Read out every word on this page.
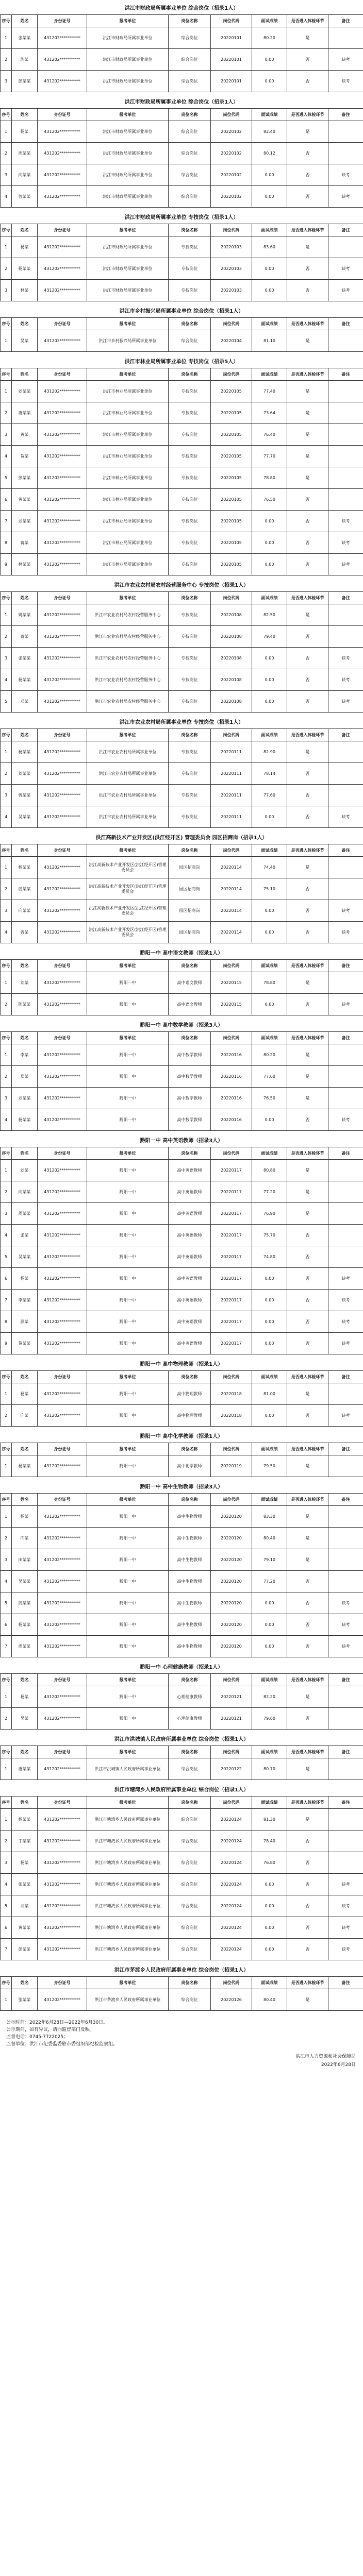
洪江市财政局所属事业单位 综合岗位（招录1人）
序号	姓名	身份证号	报考单位	岗位名称	岗位代码	面试成绩	是否进入体检环节	备注
1	张某某	431202**********	洪江市财政局所属事业单位	综合岗位	20220101	80.20	是	
2	陈某	431202**********	洪江市财政局所属事业单位	综合岗位	20220101	0.00	否	缺考
3	彭某某	431202**********	洪江市财政局所属事业单位	综合岗位	20220101	0.00	否	缺考
洪江市财政局所属事业单位 综合岗位（招录1人）
序号	姓名	身份证号	报考单位	岗位名称	岗位代码	面试成绩	是否进入体检环节	备注
1	杨某	431202**********	洪江市财政局所属事业单位	综合岗位	20220102	82.40	是	
2	周某某	431202**********	洪江市财政局所属事业单位	综合岗位	20220102	80.12	否	
3	向某某	431202**********	洪江市财政局所属事业单位	综合岗位	20220102	0.00	否	缺考
4	曾某某	431202**********	洪江市财政局所属事业单位	综合岗位	20220102	0.00	否	缺考
洪江市财政局所属事业单位 专技岗位（招录1人）
序号	姓名	身份证号	报考单位	岗位名称	岗位代码	面试成绩	是否进入体检环节	备注
1	杨某	431202**********	洪江市财政局所属事业单位	专技岗位	20220103	83.60	是	
2	杨某某	431202**********	洪江市财政局所属事业单位	专技岗位	20220103	0.00	否	缺考
3	林某	431202**********	洪江市财政局所属事业单位	专技岗位	20220103	0.00	否	缺考
洪江市乡村振兴局所属事业单位 综合岗位（招录1人）
序号	姓名	身份证号	报考单位	岗位名称	岗位代码	面试成绩	是否进入体检环节	备注
1	吴某	431202**********	洪江市乡村振兴局所属事业单位	综合岗位	20220104	81.10	是	
洪江市林业局所属事业单位 专技岗位（招录5人）
序号	姓名	身份证号	报考单位	岗位名称	岗位代码	面试成绩	是否进入体检环节	备注
1	刘某某	431202**********	洪江市林业局所属事业单位	专技岗位	20220105	77.40	是	
2	唐某某	431202**********	洪江市林业局所属事业单位	专技岗位	20220105	73.64	是	
3	黄某	431202**********	洪江市林业局所属事业单位	专技岗位	20220105	76.40	是	
4	贺某	431202**********	洪江市林业局所属事业单位	专技岗位	20220105	77.70	是	
5	彭某某	431202**********	洪江市林业局所属事业单位	专技岗位	20220105	78.80	是	
6	黄某某	431202**********	洪江市林业局所属事业单位	专技岗位	20220105	76.50	否	
7	刘某某	431202**********	洪江市林业局所属事业单位	专技岗位	20220105	0.00	否	缺考
8	蒋某	431202**********	洪江市林业局所属事业单位	专技岗位	20220105	0.00	否	缺考
9	林某某	431202**********	洪江市林业局所属事业单位	专技岗位	20220105	0.00	否	缺考
洪江市农业农村局农村经营服务中心 专技岗位（招录1人）
序号	姓名	身份证号	报考单位	岗位名称	岗位代码	面试成绩	是否进入体检环节	备注
1	姚某某	431202**********	洪江市农业农村局农村经营服务中心	专技岗位	20220108	82.50	是	
2	蒋某	431202**********	洪江市农业农村局农村经营服务中心	专技岗位	20220108	79.40	否	
3	张某某	431202**********	洪江市农业农村局农村经营服务中心	专技岗位	20220108	0.00	否	缺考
4	杨某某	431202**********	洪江市农业农村局农村经营服务中心	专技岗位	20220108	0.00	否	缺考
5	邓某	431202**********	洪江市农业农村局农村经营服务中心	专技岗位	20220108	0.00	否	缺考
洪江市农业农村局所属事业单位 专技岗位（招录1人）
序号	姓名	身份证号	报考单位	岗位名称	岗位代码	面试成绩	是否进入体检环节	备注
1	杨某某	431202**********	洪江市农业农村局所属事业单位	专技岗位	20220111	82.90	是	
2	刘某某	431202**********	洪江市农业农村局所属事业单位	专技岗位	20220111	78.14	否	
3	曾某某	431202**********	洪江市农业农村局所属事业单位	专技岗位	20220111	77.60	否	
4	吴某某	431202**********	洪江市农业农村局所属事业单位	专技岗位	20220111	0.00	否	缺考
洪江高新技术产业开发区(洪江经开区) 管理委员会 园区招商岗（招录1人）
序号	姓名	身份证号	报考单位	岗位名称	岗位代码	面试成绩	是否进入体检环节	备注
1	杨某某	431202**********	洪江高新技术产业开发区(洪江经开区)管理委员会	园区招商岗	20220114	74.40	是	
2	蒲某某	431202**********	洪江高新技术产业开发区(洪江经开区)管理委员会	园区招商岗	20220114	75.10	否	
3	向某某	431202**********	洪江高新技术产业开发区(洪江经开区)管理委员会	园区招商岗	20220114	0.00	否	缺考
4	曾某	431202**********	洪江高新技术产业开发区(洪江经开区)管理委员会	园区招商岗	20220114	0.00	否	缺考
黔阳一中 高中语文教师（招录1人）
序号	姓名	身份证号	报考单位	岗位名称	岗位代码	面试成绩	是否进入体检环节	备注
1	刘某	431202**********	黔阳一中	高中语文教师	20220115	78.80	是	
2	陈某某	431202**********	黔阳一中	高中语文教师	20220115	0.00	否	缺考
黔阳一中 高中数学教师（招录3人）
序号	姓名	身份证号	报考单位	岗位名称	岗位代码	面试成绩	是否进入体检环节	备注
1	李某	431202**********	黔阳一中	高中数学教师	20220116	80.20	是	
2	郑某	431202**********	黔阳一中	高中数学教师	20220116	77.60	是	
3	刘某某	431202**********	黔阳一中	高中数学教师	20220116	76.50	是	
4	杨某某	431202**********	黔阳一中	高中数学教师	20220116	0.00	否	缺考
黔阳一中 高中英语教师（招录3人）
序号	姓名	身份证号	报考单位	岗位名称	岗位代码	面试成绩	是否进入体检环节	备注
1	刘某	431202**********	黔阳一中	高中英语教师	20220117	80.80	是	
2	向某某	431202**********	黔阳一中	高中英语教师	20220117	77.20	是	
3	周某某	431202**********	黔阳一中	高中英语教师	20220117	76.90	是	
4	张某	431202**********	黔阳一中	高中英语教师	20220117	75.70	否	
5	吴某某	431202**********	黔阳一中	高中英语教师	20220117	74.80	否	
6	杨某	431202**********	黔阳一中	高中英语教师	20220117	0.00	否	缺考
7	李某某	431202**********	黔阳一中	高中英语教师	20220117	0.00	否	缺考
8	颜某	431202**********	黔阳一中	高中英语教师	20220117	0.00	否	缺考
9	贺某某	431202**********	黔阳一中	高中英语教师	20220117	0.00	否	缺考
黔阳一中 高中物理教师（招录1人）
序号	姓名	身份证号	报考单位	岗位名称	岗位代码	面试成绩	是否进入体检环节	备注
1	杨某	431202**********	黔阳一中	高中物理教师	20220118	81.00	是	
2	向某	431202**********	黔阳一中	高中物理教师	20220118	0.00	否	缺考
黔阳一中 高中化学教师（招录1人）
序号	姓名	身份证号	报考单位	岗位名称	岗位代码	面试成绩	是否进入体检环节	备注
1	杨某某	431202**********	黔阳一中	高中化学教师	20220119	79.50	是	
黔阳一中 高中生物教师（招录3人）
序号	姓名	身份证号	报考单位	岗位名称	岗位代码	面试成绩	是否进入体检环节	备注
1	杨某	431202**********	黔阳一中	高中生物教师	20220120	83.30	是	
2	向某	431202**********	黔阳一中	高中生物教师	20220120	80.40	是	
3	田某某	431202**********	黔阳一中	高中生物教师	20220120	79.10	是	
4	吴某某	431202**********	黔阳一中	高中生物教师	20220120	77.20	否	
5	蒲某某	431202**********	黔阳一中	高中生物教师	20220120	0.00	否	缺考
6	杨某某	431202**********	黔阳一中	高中生物教师	20220120	0.00	否	缺考
7	周某某	431202**********	黔阳一中	高中生物教师	20220120	0.00	否	缺考
黔阳一中 心理健康教师（招录1人）
序号	姓名	身份证号	报考单位	岗位名称	岗位代码	面试成绩	是否进入体检环节	备注
1	杨某	431202**********	黔阳一中	心理健康教师	20220121	82.20	是	
2	吴某	431202**********	黔阳一中	心理健康教师	20220121	79.60	否	
洪江市洪城镇人民政府所属事业单位 综合岗位（招录1人）
序号	姓名	身份证号	报考单位	岗位名称	岗位代码	面试成绩	是否进入体检环节	备注
1	唐某某	431202**********	洪江市洪城镇人民政府所属事业单位	综合岗位	20220122	80.70	是	
洪江市塘湾乡人民政府所属事业单位 综合岗位（招录1人）
序号	姓名	身份证号	报考单位	岗位名称	岗位代码	面试成绩	是否进入体检环节	备注
1	杨某某	431202**********	洪江市塘湾乡人民政府所属事业单位	综合岗位	20220124	81.30	是	
2	丁某某	431202**********	洪江市塘湾乡人民政府所属事业单位	综合岗位	20220124	78.40	否	
3	杨某	431202**********	洪江市塘湾乡人民政府所属事业单位	综合岗位	20220124	76.80	否	
4	张某某	431202**********	洪江市塘湾乡人民政府所属事业单位	综合岗位	20220124	0.00	否	缺考
5	刘某	431202**********	洪江市塘湾乡人民政府所属事业单位	综合岗位	20220124	0.00	否	缺考
6	黄某某	431202**********	洪江市塘湾乡人民政府所属事业单位	综合岗位	20220124	0.00	否	缺考
7	彭某某	431202**********	洪江市塘湾乡人民政府所属事业单位	综合岗位	20220124	0.00	否	缺考
洪江市茅渡乡人民政府所属事业单位 综合岗位（招录1人）
序号	姓名	身份证号	报考单位	岗位名称	岗位代码	面试成绩	是否进入体检环节	备注
1	张某某	431202**********	洪江市茅渡乡人民政府所属事业单位	综合岗位	20220126	80.40	是	
公示时间：2022年6月28日—2022年6月30日。
公示期间，如有异议，请向监督部门反映。
监督电话：0745-7722025；
监督单位：洪江市纪委监委驻市委组织部纪检监察组。
洪江市人力资源和社会保障局
2022年6月28日
